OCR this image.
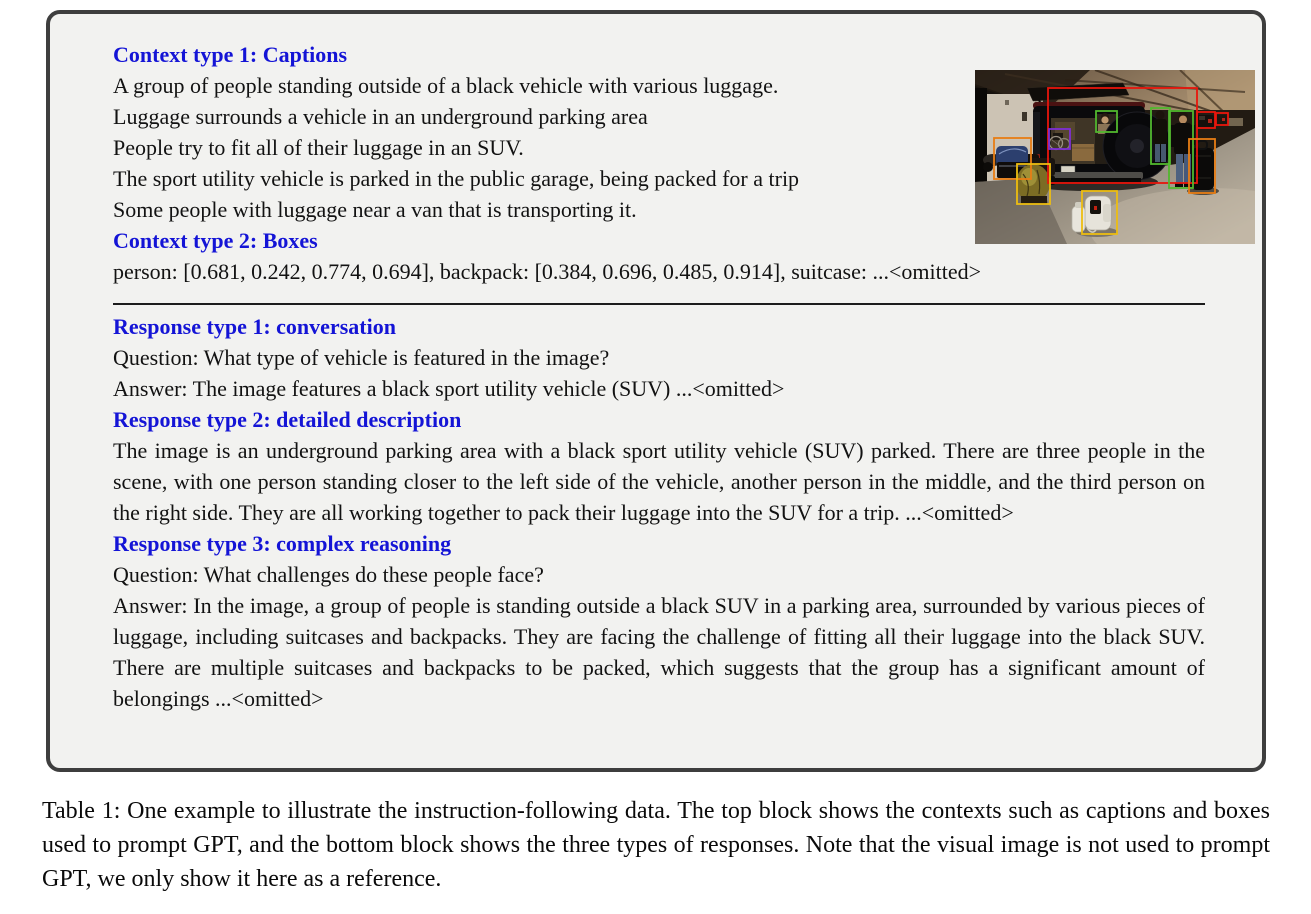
Context type 1: Captions
A group of people standing outside of a black vehicle with various luggage.
Luggage surrounds a vehicle in an underground parking area
People try to fit all of their luggage in an SUV.
The sport utility vehicle is parked in the public garage, being packed for a trip
Some people with luggage near a van that is transporting it.
Context type 2: Boxes
person: [0.681, 0.242, 0.774, 0.694], backpack: [0.384, 0.696, 0.485, 0.914], suitcase: ...<omitted>
Response type 1: conversation
Question: What type of vehicle is featured in the image?
Answer: The image features a black sport utility vehicle (SUV) ...<omitted>
Response type 2: detailed description
The image is an underground parking area with a black sport utility vehicle (SUV) parked. There are three people in the scene, with one person standing closer to the left side of the vehicle, another person in the middle, and the third person on the right side. They are all working together to pack their luggage into the SUV for a trip. ...<omitted>
Response type 3: complex reasoning
Question: What challenges do these people face?
Answer: In the image, a group of people is standing outside a black SUV in a parking area, surrounded by various pieces of luggage, including suitcases and backpacks. They are facing the challenge of fitting all their luggage into the black SUV. There are multiple suitcases and backpacks to be packed, which suggests that the group has a significant amount of belongings ...<omitted>
Table 1: One example to illustrate the instruction-following data. The top block shows the contexts such as captions and boxes used to prompt GPT, and the bottom block shows the three types of responses. Note that the visual image is not used to prompt GPT, we only show it here as a reference.
